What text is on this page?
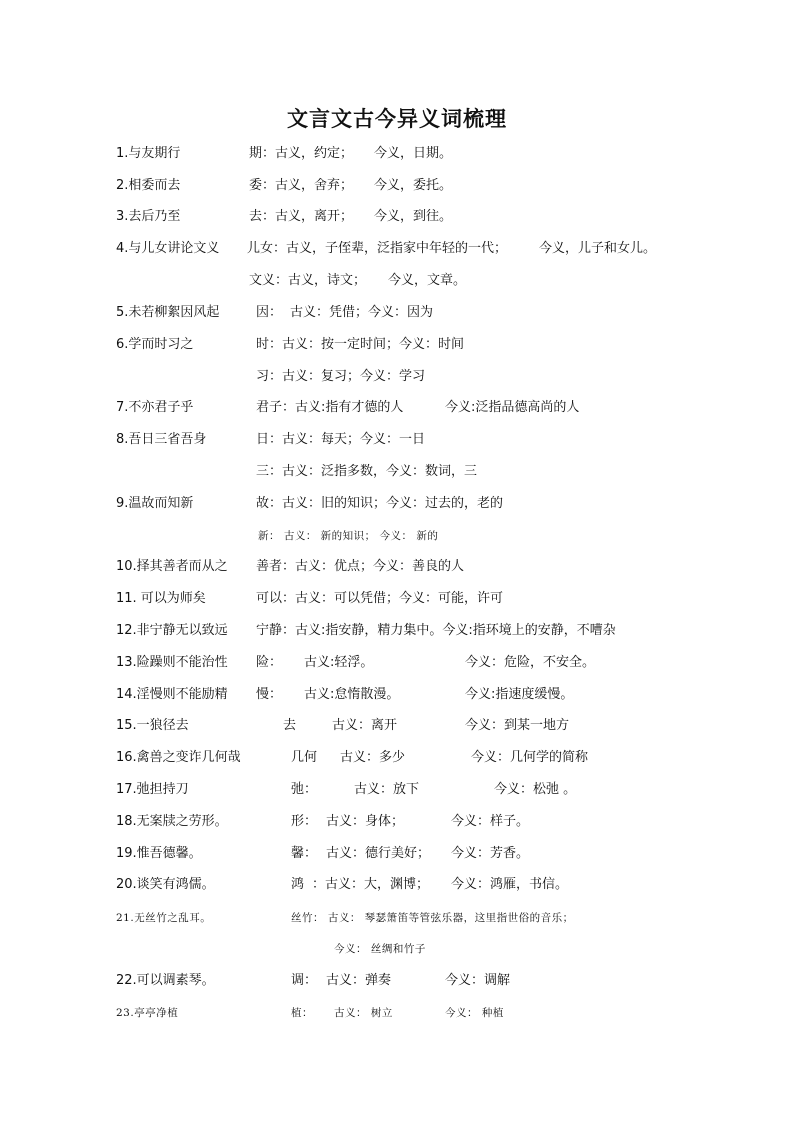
文言文古今异义词梳理
1.与友期行	期：古义，约定； 今义，日期。
2.相委而去	委：古义，舍弃； 今义，委托。
3.去后乃至	去：古义，离开； 今义，到往。
4.与儿女讲论文义 儿女：古义，子侄辈，泛指家中年轻的一代； 今义，儿子和女儿。
文义：古义，诗文； 今义，文章。
5.未若柳絮因风起	因： 古义：凭借；今义：因为
6.学而时习之	时：古义：按一定时间；今义：时间
习：古义：复习；今义：学习
7.不亦君子乎	君子：古义:指有才德的人	今义:泛指品德高尚的人
8.吾日三省吾身	日：古义：每天；今义：一日
三：古义：泛指多数，今义：数词，三
9.温故而知新	故：古义：旧的知识；今义：过去的，老的
新： 古义： 新的知识； 今义： 新的
10.择其善者而从之 善者：古义：优点；今义：善良的人
11. 可以为师矣	可以：古义：可以凭借；今义：可能，许可
12.非宁静无以致远 宁静：古义:指安静，精力集中。今义:指环境上的安静，不嘈杂
13.险躁则不能治性 险： 古义:轻浮。	今义：危险，不安全。
14.淫慢则不能励精 慢： 古义:怠惰散漫。	今义:指速度缓慢。
15.一狼径去	去	古义：离开	今义：到某一地方
16.禽兽之变诈几何哉	几何 古义：多少	今义：几何学的简称
17.弛担持刀	弛：	古义：放下	今义：松弛 。
18.无案牍之劳形。	形： 古义：身体；	今义：样子。
19.惟吾德馨。	馨： 古义：德行美好； 今义：芳香。
20.谈笑有鸿儒。	鸿 ：古义：大，渊博； 今义：鸿雁，书信。
21.无丝竹之乱耳。	丝竹： 古义： 琴瑟箫笛等管弦乐器，这里指世俗的音乐；
今义： 丝绸和竹子
22.可以调素琴。	调： 古义：弹奏	今义：调解
23.亭亭净植	植： 古义： 树立	今义： 种植
